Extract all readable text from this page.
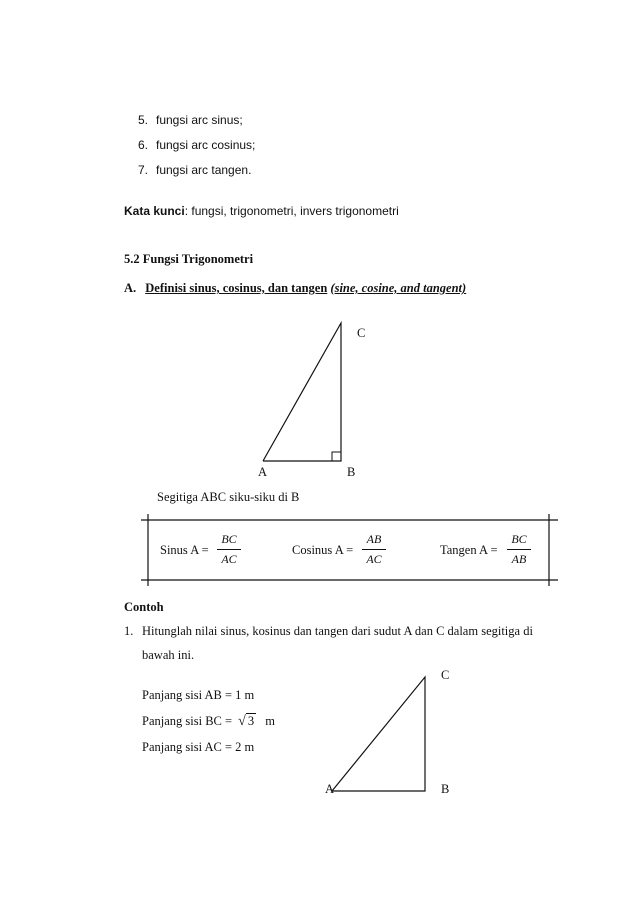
5. fungsi arc sinus;
6. fungsi arc cosinus;
7. fungsi arc tangen.
Kata kunci: fungsi, trigonometri, invers trigonometri
5.2 Fungsi Trigonometri
A. Definisi sinus, cosinus, dan tangen (sine, cosine, and tangent)
C
A	B
Segitiga ABC siku-siku di B
Sinus A =
BC
AC
Cosinus A =
AB
AC
Tangen A =
BC
AB
Contoh
1. Hitunglah nilai sinus, kosinus dan tangen dari sudut A dan C dalam segitiga di
bawah ini.
Panjang sisi AB = 1 m
Panjang sisi BC = √ 3 m
Panjang sisi AC = 2 m
C
A	B
